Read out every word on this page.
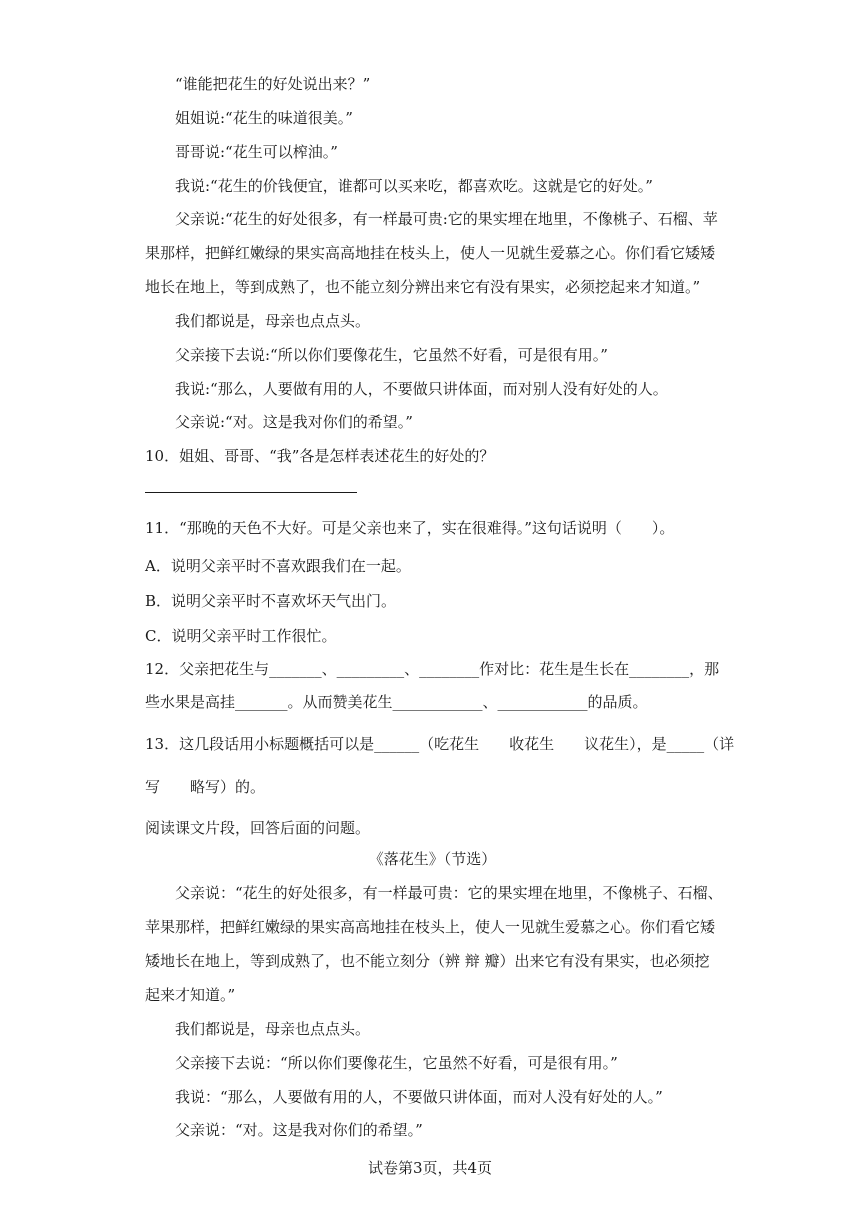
“谁能把花生的好处说出来？”
姐姐说:“花生的味道很美。”
哥哥说:“花生可以榨油。”
我说:“花生的价钱便宜，谁都可以买来吃，都喜欢吃。这就是它的好处。”
父亲说:“花生的好处很多，有一样最可贵:它的果实埋在地里，不像桃子、石榴、苹
果那样，把鲜红嫩绿的果实高高地挂在枝头上，使人一见就生爱慕之心。你们看它矮矮
地长在地上，等到成熟了，也不能立刻分辨出来它有没有果实，必须挖起来才知道。”
我们都说是，母亲也点点头。
父亲接下去说:“所以你们要像花生，它虽然不好看，可是很有用。”
我说:“那么，人要做有用的人，不要做只讲体面，而对别人没有好处的人。
父亲说:“对。这是我对你们的希望。”
10．姐姐、哥哥、“我”各是怎样表述花生的好处的？
11．“那晚的天色不大好。可是父亲也来了，实在很难得。”这句话说明（　　）。
A．说明父亲平时不喜欢跟我们在一起。
B．说明父亲平时不喜欢坏天气出门。
C．说明父亲平时工作很忙。
12．父亲把花生与_______、_________、________作对比：花生是生长在________，那
些水果是高挂_______。从而赞美花生____________、____________的品质。
13．这几段话用小标题概括可以是______（吃花生　　收花生　　议花生），是_____（详
写　　略写）的。
阅读课文片段，回答后面的问题。
《落花生》（节选）
父亲说：“花生的好处很多，有一样最可贵：它的果实埋在地里，不像桃子、石榴、
苹果那样，把鲜红嫩绿的果实高高地挂在枝头上，使人一见就生爱慕之心。你们看它矮
矮地长在地上，等到成熟了，也不能立刻分（辨 辩 瓣）出来它有没有果实，也必须挖
起来才知道。”
我们都说是，母亲也点点头。
父亲接下去说：“所以你们要像花生，它虽然不好看，可是很有用。”
我说：“那么，人要做有用的人，不要做只讲体面，而对人没有好处的人。”
父亲说：“对。这是我对你们的希望。”
试卷第3页，共4页
